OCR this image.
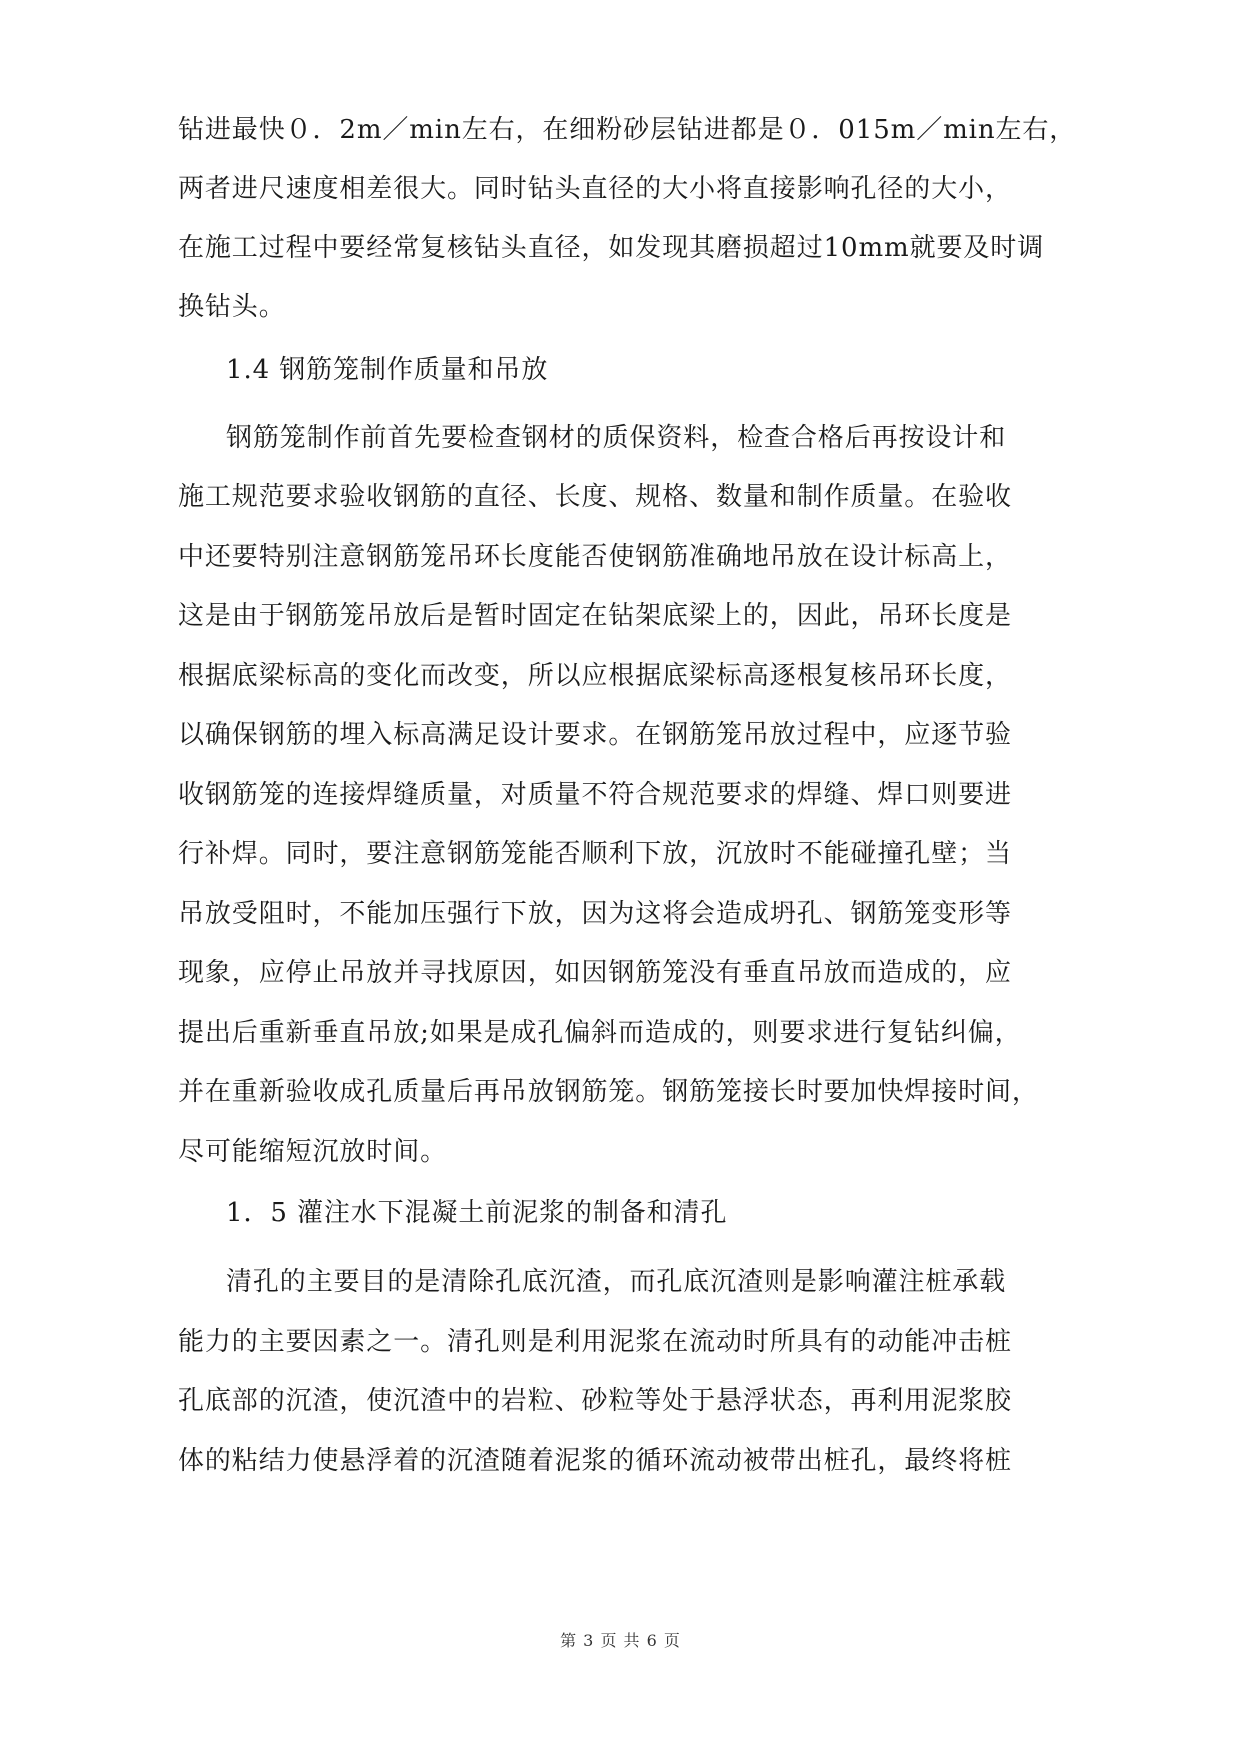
钻进最快０．2m／min左右，在细粉砂层钻进都是０．015m／min左右，
两者进尺速度相差很大。同时钻头直径的大小将直接影响孔径的大小，
在施工过程中要经常复核钻头直径，如发现其磨损超过10mm就要及时调
换钻头。
1.4 钢筋笼制作质量和吊放
钢筋笼制作前首先要检查钢材的质保资料，检查合格后再按设计和
施工规范要求验收钢筋的直径、长度、规格、数量和制作质量。在验收
中还要特别注意钢筋笼吊环长度能否使钢筋准确地吊放在设计标高上，
这是由于钢筋笼吊放后是暂时固定在钻架底梁上的，因此，吊环长度是
根据底梁标高的变化而改变，所以应根据底梁标高逐根复核吊环长度，
以确保钢筋的埋入标高满足设计要求。在钢筋笼吊放过程中，应逐节验
收钢筋笼的连接焊缝质量，对质量不符合规范要求的焊缝、焊口则要进
行补焊。同时，要注意钢筋笼能否顺利下放，沉放时不能碰撞孔壁；当
吊放受阻时，不能加压强行下放，因为这将会造成坍孔、钢筋笼变形等
现象，应停止吊放并寻找原因，如因钢筋笼没有垂直吊放而造成的，应
提出后重新垂直吊放;如果是成孔偏斜而造成的，则要求进行复钻纠偏，
并在重新验收成孔质量后再吊放钢筋笼。钢筋笼接长时要加快焊接时间，
尽可能缩短沉放时间。
1．5 灌注水下混凝土前泥浆的制备和清孔
清孔的主要目的是清除孔底沉渣，而孔底沉渣则是影响灌注桩承载
能力的主要因素之一。清孔则是利用泥浆在流动时所具有的动能冲击桩
孔底部的沉渣，使沉渣中的岩粒、砂粒等处于悬浮状态，再利用泥浆胶
体的粘结力使悬浮着的沉渣随着泥浆的循环流动被带出桩孔，最终将桩
第 3 页 共 6 页
